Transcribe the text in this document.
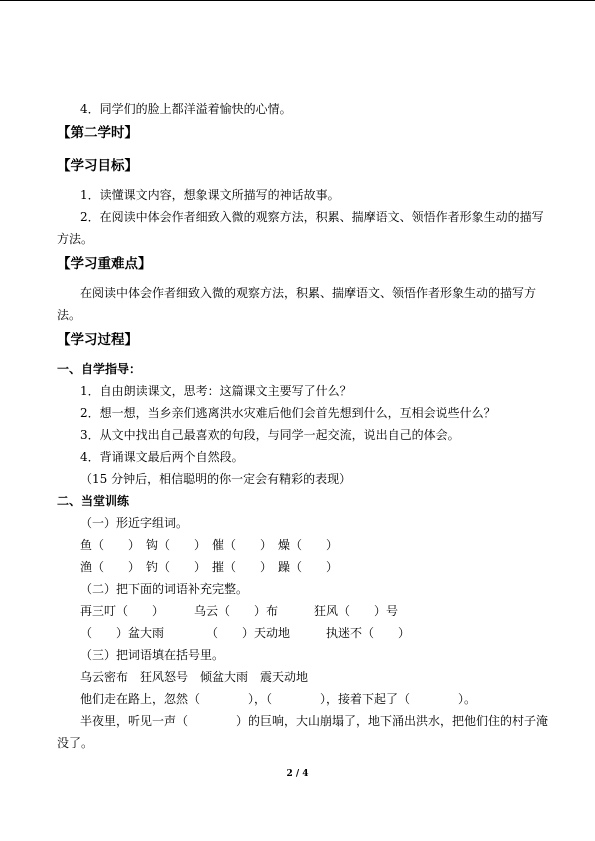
4．同学们的脸上都洋溢着愉快的心情。
【第二学时】
【学习目标】
1．读懂课文内容，想象课文所描写的神话故事。
2．在阅读中体会作者细致入微的观察方法，积累、揣摩语文、领悟作者形象生动的描写
方法。
【学习重难点】
在阅读中体会作者细致入微的观察方法，积累、揣摩语文、领悟作者形象生动的描写方
法。
【学习过程】
一、自学指导：
1．自由朗读课文，思考：这篇课文主要写了什么？
2．想一想，当乡亲们逃离洪水灾难后他们会首先想到什么，互相会说些什么？
3．从文中找出自己最喜欢的句段，与同学一起交流，说出自己的体会。
4．背诵课文最后两个自然段。
（15 分钟后，相信聪明的你一定会有精彩的表现）
二、当堂训练
（一）形近字组词。
鱼（　　）　钩（　　）　催（　　）　燥（　　）
渔（　　）　钓（　　）　摧（　　）　躁（　　）
（二）把下面的词语补充完整。
再三叮（　　）　　　乌云（　　）布　　　狂风（　　）号
（　　）盆大雨　　　　（　　）天动地　　　执迷不（　　）
（三）把词语填在括号里。
乌云密布　狂风怒号　倾盆大雨　震天动地
他们走在路上，忽然（　　　　），（　　　　），接着下起了（　　　　）。
半夜里，听见一声（　　　　）的巨响，大山崩塌了，地下涌出洪水，把他们住的村子淹
没了。
2 / 4
